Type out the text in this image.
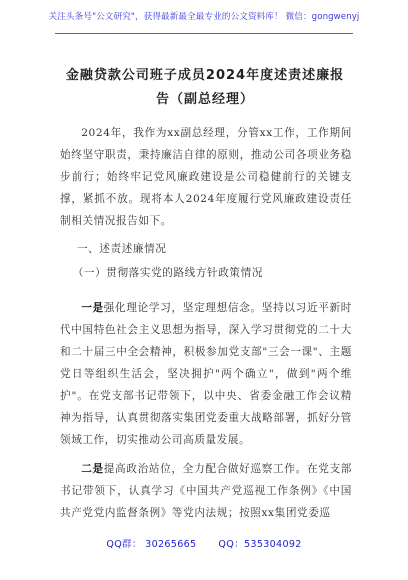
关注头条号"公文研究"，获得最新最全最专业的公文资料库！ 微信：gongwenyj
金融贷款公司班子成员2024年度述责述廉报告（副总经理）
2024年，我作为xx副总经理，分管xx工作，工作期间始终坚守职责，秉持廉洁自律的原则，推动公司各项业务稳步前行；始终牢记党风廉政建设是公司稳健前行的关键支撑，紧抓不放。现将本人2024年度履行党风廉政建设责任制相关情况报告如下。
一、述责述廉情况
（一）贯彻落实党的路线方针政策情况
一是强化理论学习，坚定理想信念。坚持以习近平新时代中国特色社会主义思想为指导，深入学习贯彻党的二十大和二十届三中全会精神，积极参加党支部"三会一课"、主题党日等组织生活会，坚决拥护"两个确立"，做到"两个维护"。在党支部书记带领下，以中央、省委金融工作会议精神为指导，认真贯彻落实集团党委重大战略部署，抓好分管领域工作，切实推动公司高质量发展。
二是提高政治站位，全力配合做好巡察工作。在党支部书记带领下，认真学习《中国共产党巡视工作条例》《中国共产党党内监督条例》等党内法规；按照xx集团党委巡
QQ群： 30265665 QQ：535304092
